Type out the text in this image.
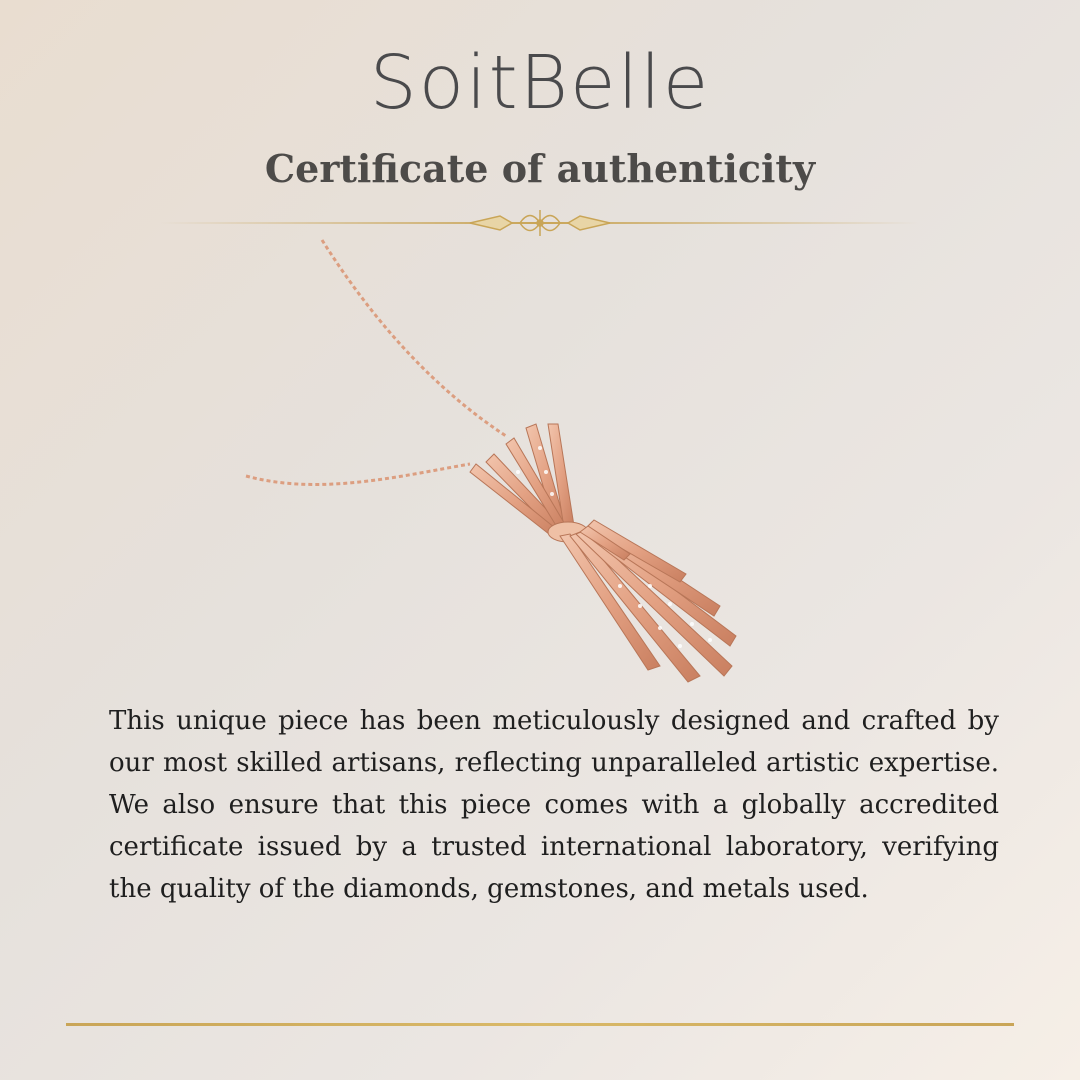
SoitBelle
Certificate of authenticity
This unique piece has been meticulously designed and crafted by our most skilled artisans, reflecting unparalleled artistic expertise. We also ensure that this piece comes with a globally accredited certificate issued by a trusted international laboratory, verifying the quality of the diamonds, gemstones, and metals used.
